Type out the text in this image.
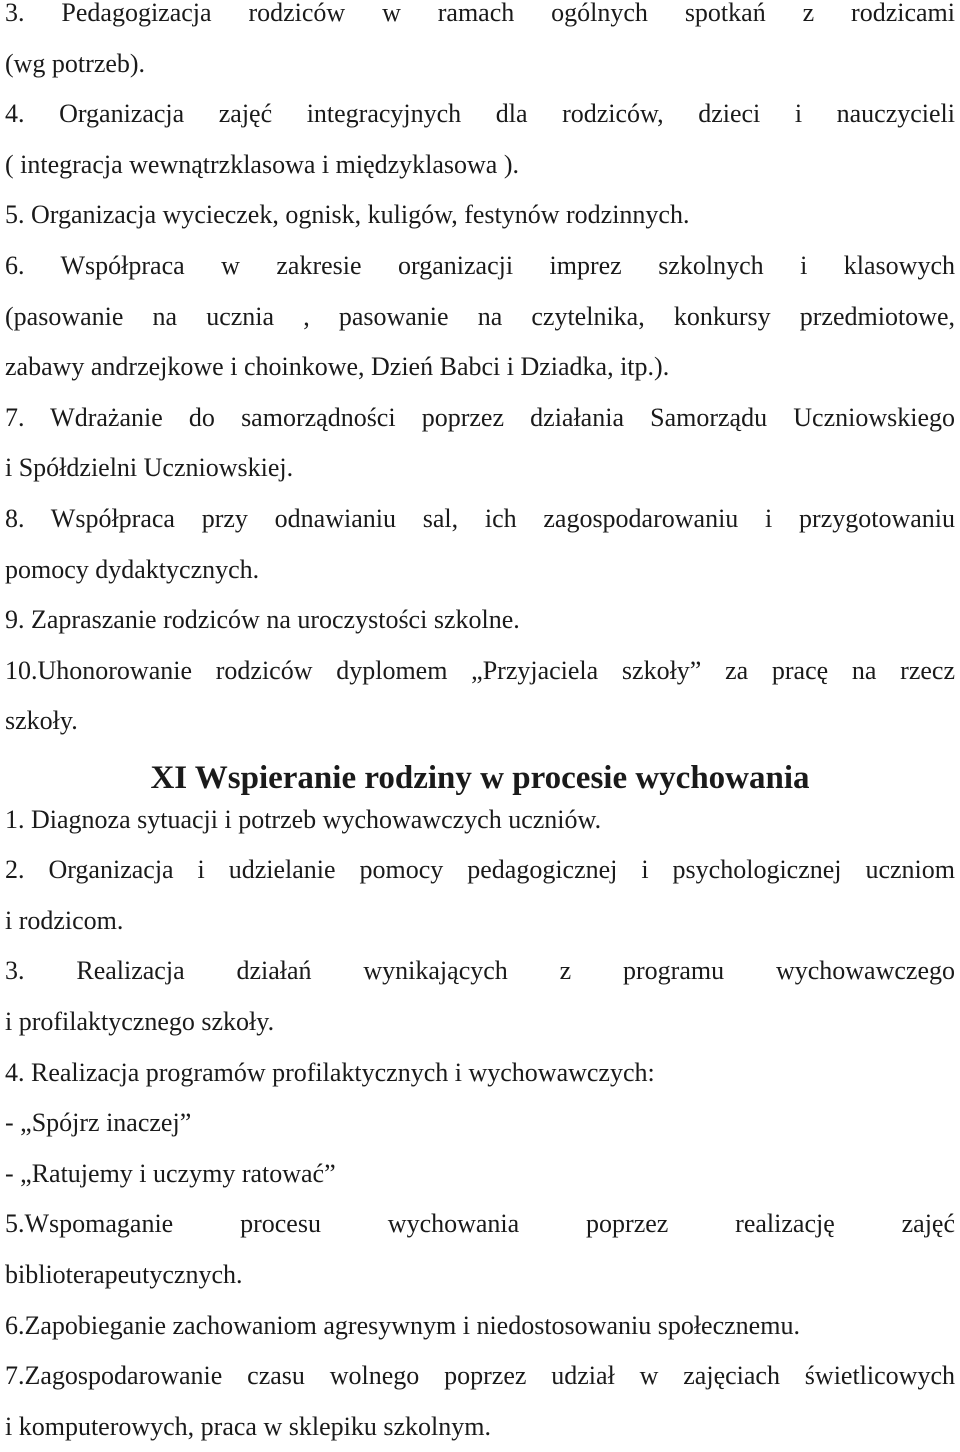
3. Pedagogizacja rodziców w ramach ogólnych spotkań z rodzicami
(wg potrzeb).
4. Organizacja zajęć integracyjnych dla rodziców, dzieci i nauczycieli
( integracja wewnątrzklasowa i międzyklasowa ).
5. Organizacja wycieczek, ognisk, kuligów, festynów rodzinnych.
6. Współpraca w zakresie organizacji imprez szkolnych i klasowych
(pasowanie na ucznia , pasowanie na czytelnika, konkursy przedmiotowe,
zabawy andrzejkowe i choinkowe, Dzień Babci i Dziadka, itp.).
7. Wdrażanie do samorządności poprzez działania Samorządu Uczniowskiego
i Spółdzielni Uczniowskiej.
8. Współpraca przy odnawianiu sal, ich zagospodarowaniu i przygotowaniu
pomocy dydaktycznych.
9. Zapraszanie rodziców na uroczystości szkolne.
10.Uhonorowanie rodziców dyplomem „Przyjaciela szkoły” za pracę na rzecz
szkoły.
XI Wspieranie rodziny w procesie wychowania
1. Diagnoza sytuacji i potrzeb wychowawczych uczniów.
2. Organizacja i udzielanie pomocy pedagogicznej i psychologicznej uczniom
i rodzicom.
3. Realizacja działań wynikających z programu wychowawczego
i profilaktycznego szkoły.
4. Realizacja programów profilaktycznych i wychowawczych:
- „Spójrz inaczej”
- „Ratujemy i uczymy ratować”
5.Wspomaganie procesu wychowania poprzez realizację zajęć
biblioterapeutycznych.
6.Zapobieganie zachowaniom agresywnym i niedostosowaniu społecznemu.
7.Zagospodarowanie czasu wolnego poprzez udział w zajęciach świetlicowych
i komputerowych, praca w sklepiku szkolnym.
